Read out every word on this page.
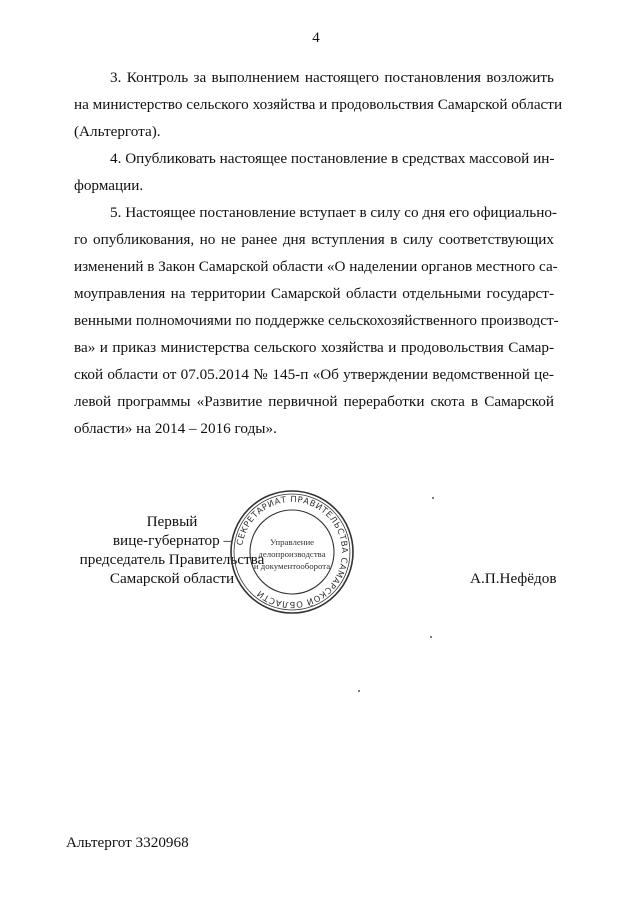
4
3. Контроль за выполнением настоящего постановления возложить
на министерство сельского хозяйства и продовольствия Самарской области
(Альтергота).
4. Опубликовать настоящее постановление в средствах массовой ин-
формации.
5. Настоящее постановление вступает в силу со дня его официально-
го опубликования, но не ранее дня вступления в силу соответствующих
изменений в Закон Самарской области «О наделении органов местного са-
моуправления на территории Самарской области отдельными государст-
венными полномочиями по поддержке сельскохозяйственного производст-
ва» и приказ министерства сельского хозяйства и продовольствия Самар-
ской области от 07.05.2014 № 145-п «Об утверждении ведомственной це-
левой программы «Развитие первичной переработки скота в Самарской
области» на 2014 – 2016 годы».
Первый
вице-губернатор –
председатель Правительства
Самарской области
СЕКРЕТАРИАТ ПРАВИТЕЛЬСТВА САМАРСКОЙ ОБЛАСТИ
Управление
делопроизводства
и документооборота
А.П.Нефёдов
Альтергот 3320968
